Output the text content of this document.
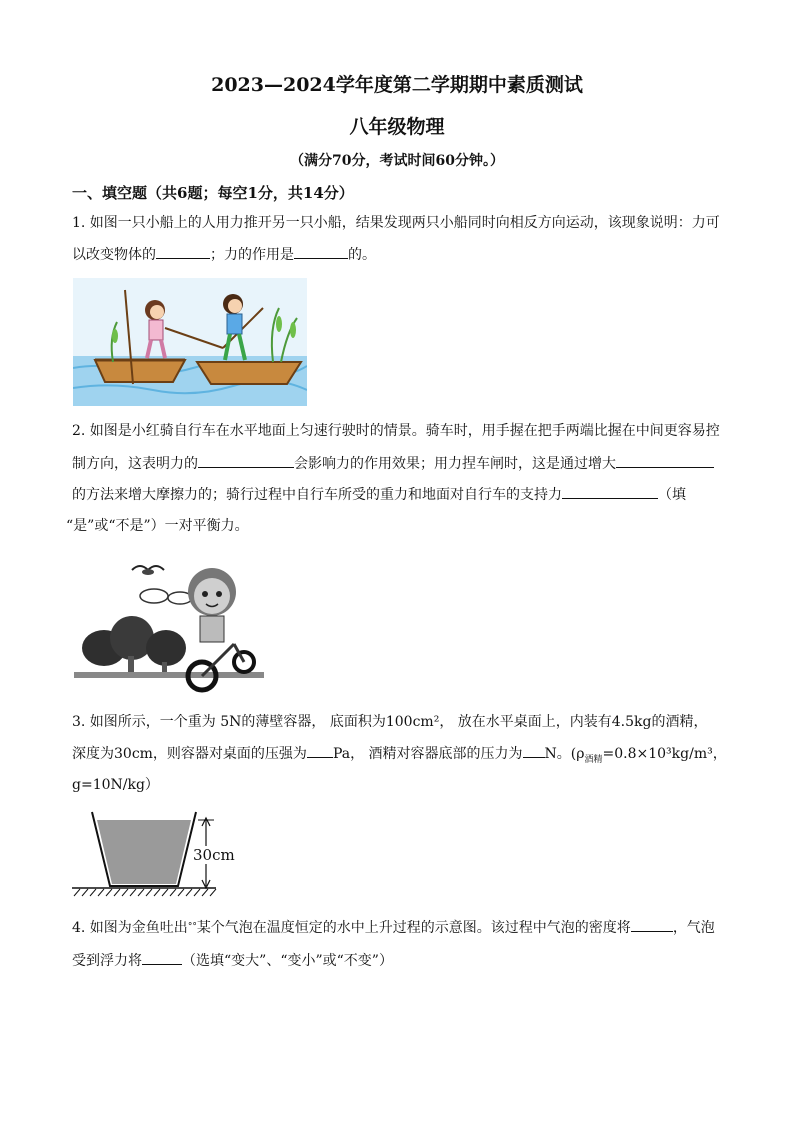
2023—2024学年度第二学期期中素质测试
八年级物理
（满分70分，考试时间60分钟。）
一、填空题（共6题；每空1分，共14分）
1. 如图一只小船上的人用力推开另一只小船，结果发现两只小船同时向相反方向运动，该现象说明：力可
以改变物体的	；力的作用是	的。
2. 如图是小红骑自行车在水平地面上匀速行驶时的情景。骑车时，用手握在把手两端比握在中间更容易控
制方向，这表明力的	会影响力的作用效果；用力捏车闸时，这是通过增大
的方法来增大摩擦力的；骑行过程中自行车所受的重力和地面对自行车的支持力	（填
“是”或“不是”）一对平衡力。
3. 如图所示，一个重为 5N的薄壁容器， 底面积为100cm²， 放在水平桌面上，内装有4.5kg的酒精，
深度为30cm，则容器对桌面的压强为 Pa， 酒精对容器底部的压力为 N。($\rho_{酒精}=0.8\times 10^3kg/m^3$，
g=10N/kg）
30cm
4. 如图为金鱼吐出°°某个气泡在温度恒定的水中上升过程的示意图。该过程中气泡的密度将	，气泡
受到浮力将	（选填“变大”、“变小”或“不变”）
